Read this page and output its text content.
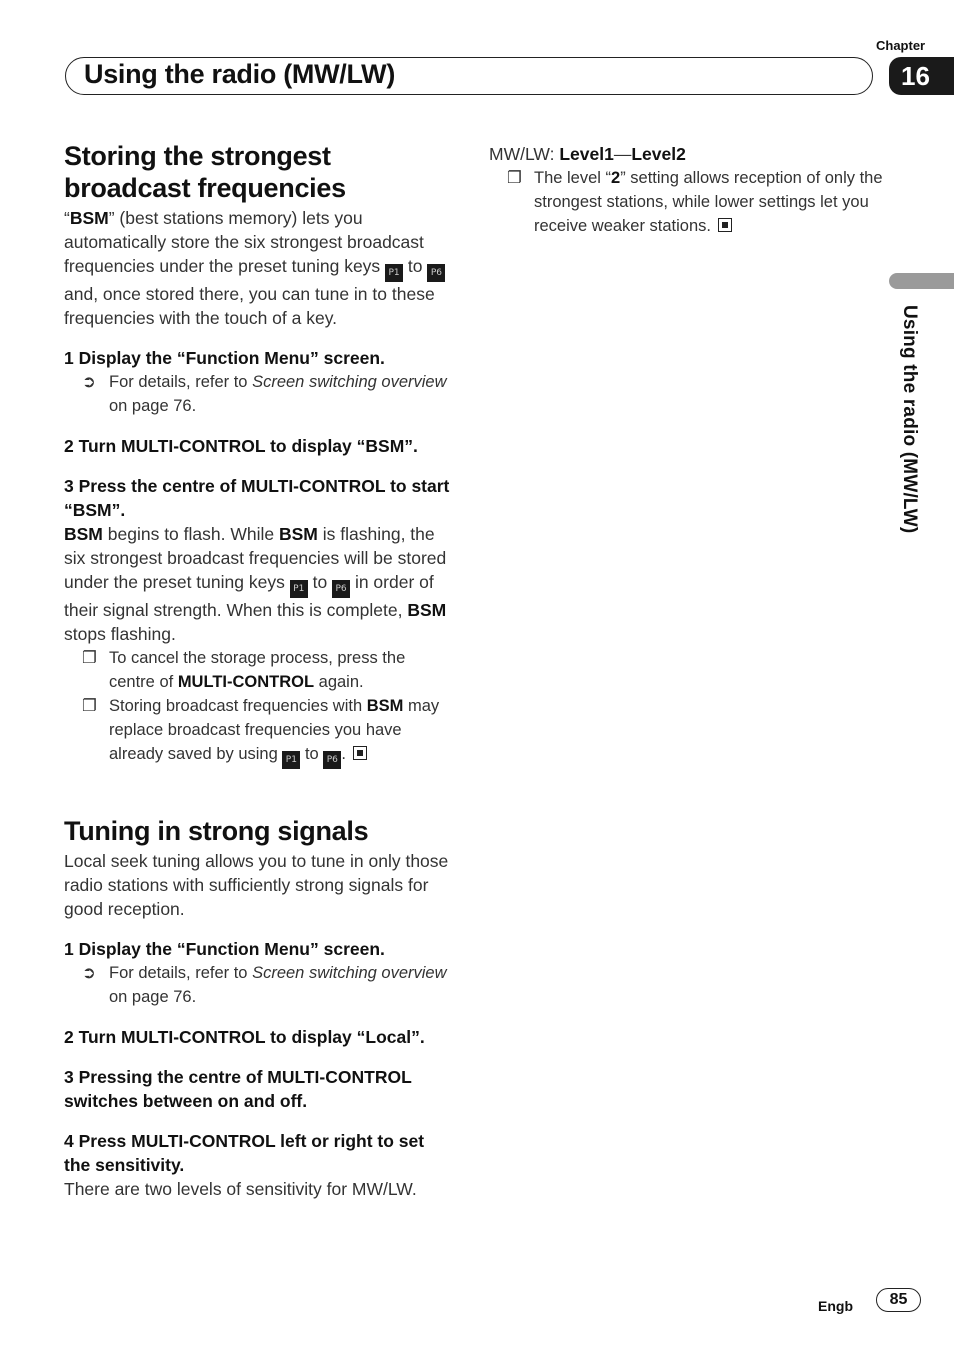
Chapter
Using the radio (MW/LW)	16
Using the radio (MW/LW)
Storing the strongest broadcast frequencies

“BSM” (best stations memory) lets you automatically store the six strongest broadcast frequencies under the preset tuning keys P1 to P6 and, once stored there, you can tune in to these frequencies with the touch of a key.

1 Display the “Function Menu” screen.

➲ For details, refer to Screen switching overview on page 76.

2 Turn MULTI-CONTROL to display “BSM”.

3 Press the centre of MULTI-CONTROL to start “BSM”.

BSM begins to flash. While BSM is flashing, the six strongest broadcast frequencies will be stored under the preset tuning keys P1 to P6 in order of their signal strength. When this is complete, BSM stops flashing.

❐ To cancel the storage process, press the centre of MULTI-CONTROL again.

❐ Storing broadcast frequencies with BSM may replace broadcast frequencies you have already saved by using P1 to P6 .

Tuning in strong signals

Local seek tuning allows you to tune in only those radio stations with sufficiently strong signals for good reception.

1 Display the “Function Menu” screen.

➲ For details, refer to Screen switching overview on page 76.

2 Turn MULTI-CONTROL to display “Local”.

3 Pressing the centre of MULTI-CONTROL switches between on and off.

4 Press MULTI-CONTROL left or right to set the sensitivity.

There are two levels of sensitivity for MW/LW.

MW/LW: Level1—Level2

❐ The level “2” setting allows reception of only the strongest stations, while lower settings let you receive weaker stations.

Engb	85
